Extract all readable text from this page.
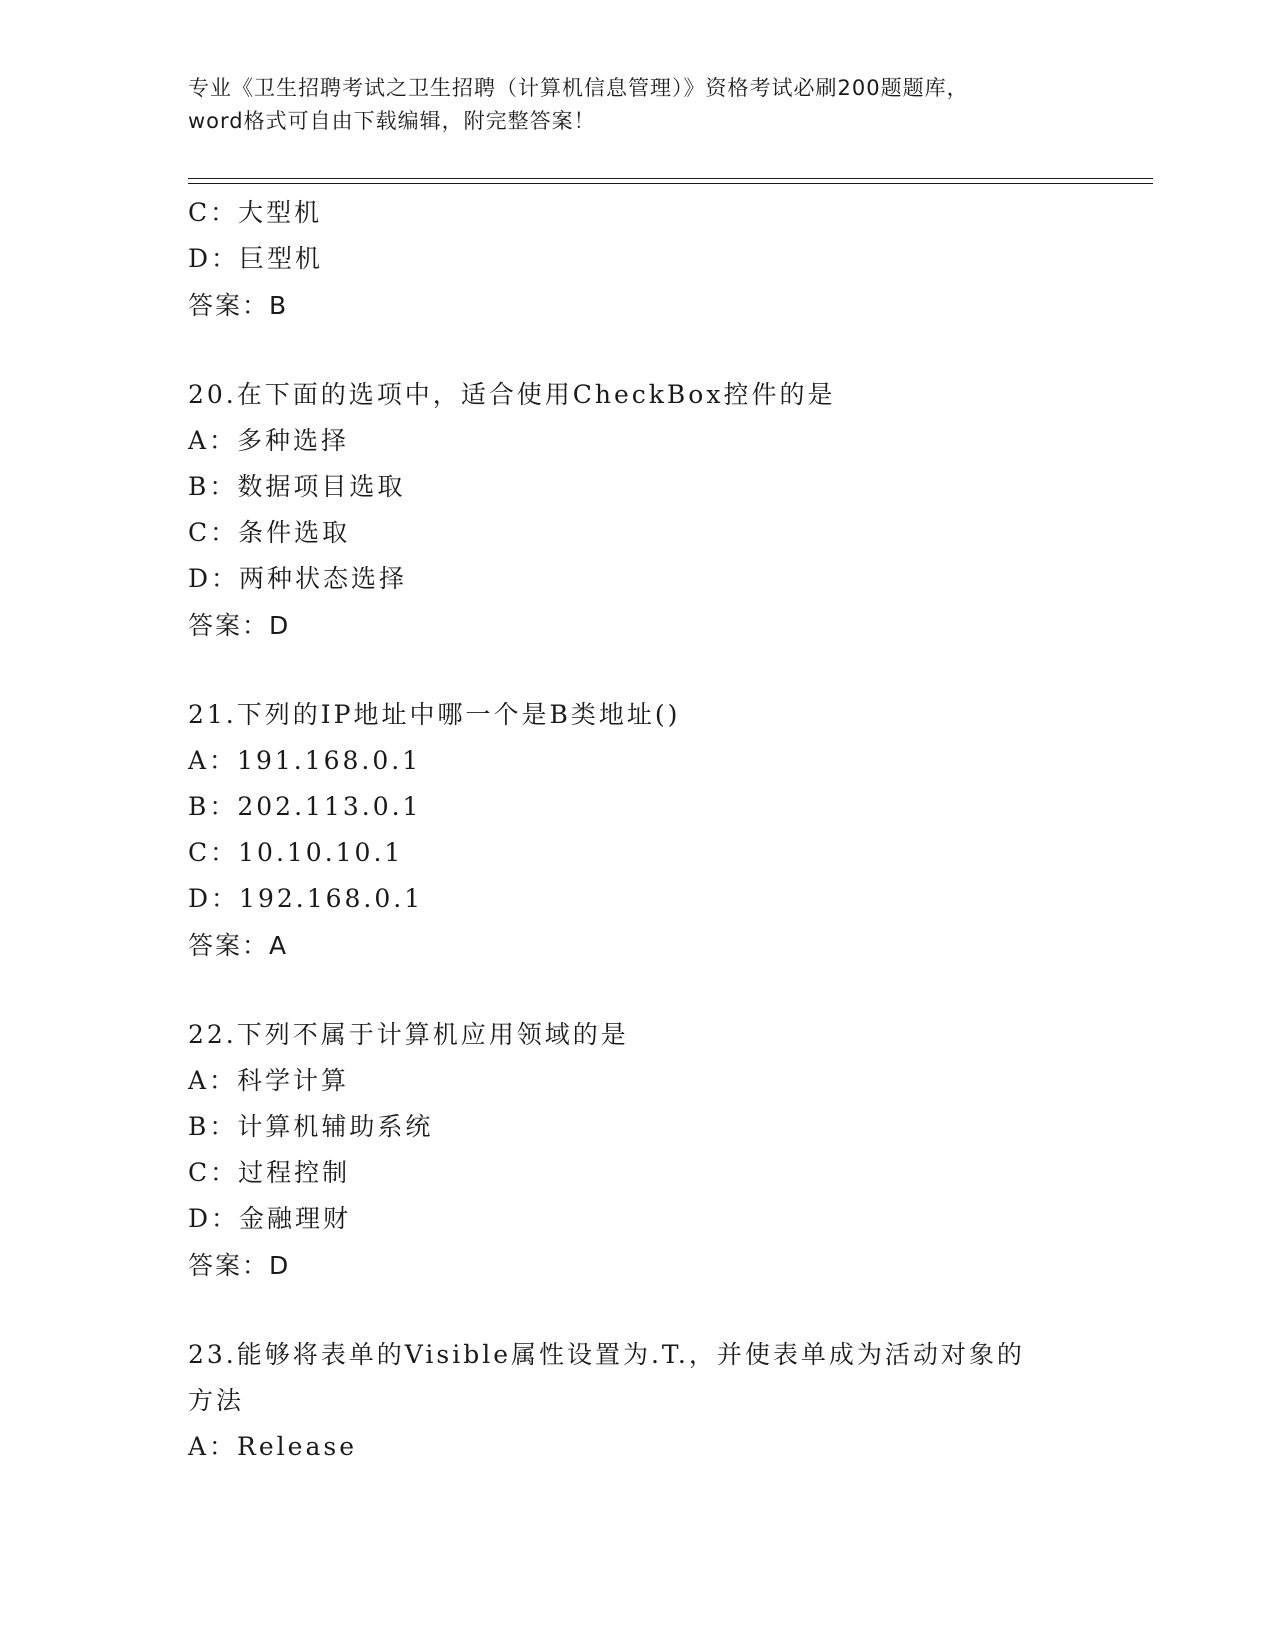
专业《卫生招聘考试之卫生招聘（计算机信息管理）》资格考试必刷200题题库，
word格式可自由下载编辑，附完整答案！
C：大型机
D：巨型机
答案：B
20.在下面的选项中，适合使用CheckBox控件的是
A：多种选择
B：数据项目选取
C：条件选取
D：两种状态选择
答案：D
21.下列的IP地址中哪一个是B类地址()
A：191.168.0.1
B：202.113.0.1
C：10.10.10.1
D：192.168.0.1
答案：A
22.下列不属于计算机应用领域的是
A：科学计算
B：计算机辅助系统
C：过程控制
D：金融理财
答案：D
23.能够将表单的Visible属性设置为.T.，并使表单成为活动对象的
方法
A：Release
